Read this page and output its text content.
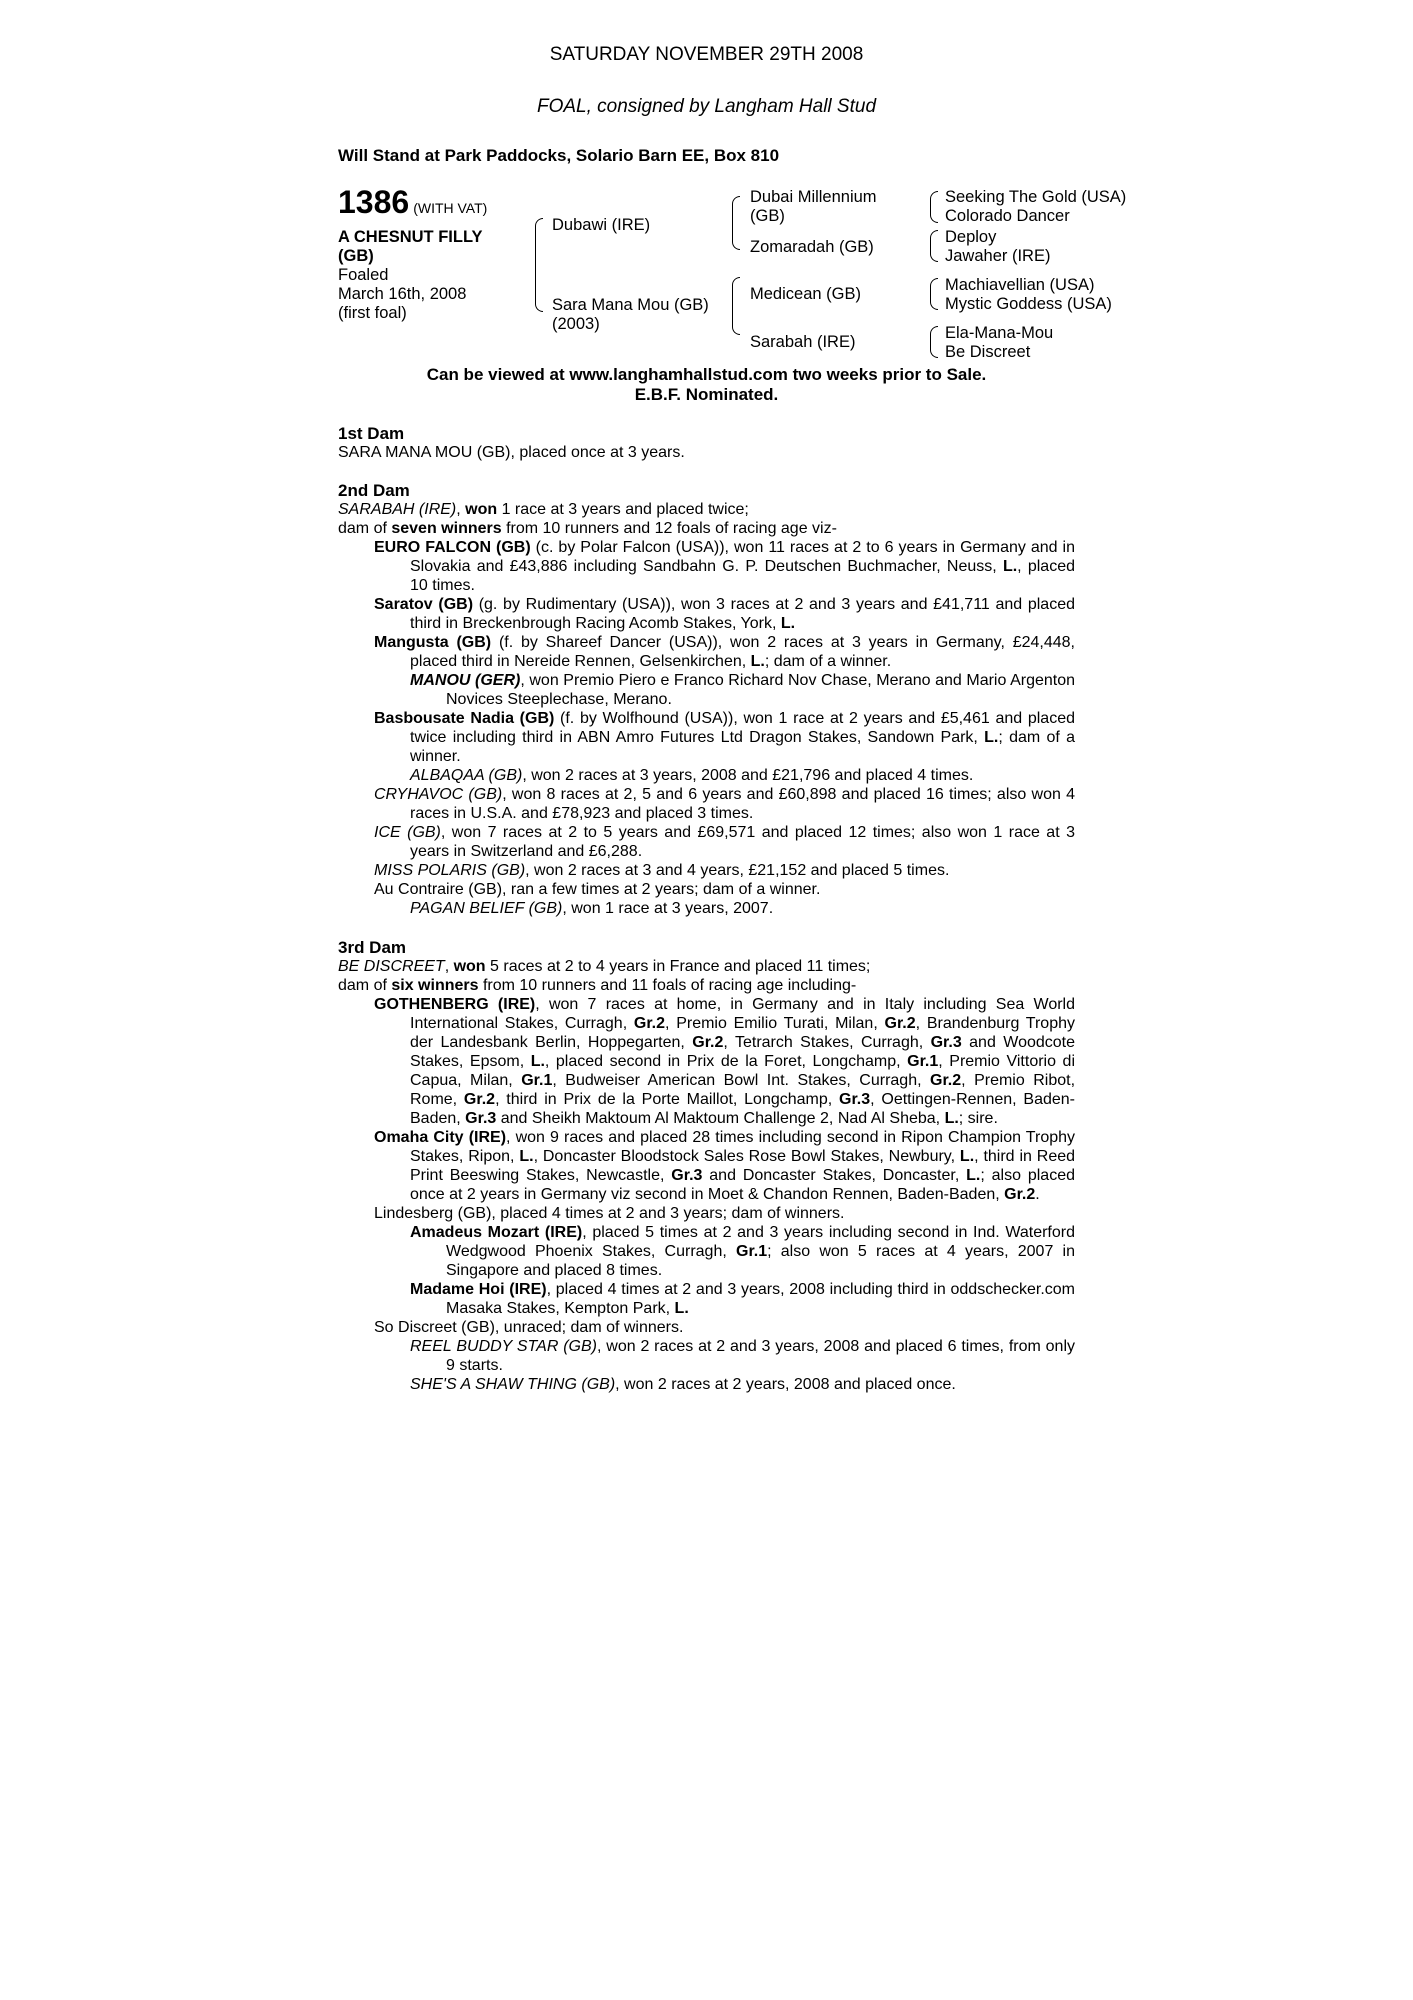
SATURDAY NOVEMBER 29TH 2008
FOAL, consigned by Langham Hall Stud
Will Stand at Park Paddocks, Solario Barn EE, Box 810
1386 (WITH VAT)
A CHESNUT FILLY
(GB)
Foaled
March 16th, 2008
(first foal)
Dubawi (IRE)
Sara Mana Mou (GB)
(2003)
Dubai Millennium
(GB)
Zomaradah (GB)
Medicean (GB)
Sarabah (IRE)
Seeking The Gold (USA)
Colorado Dancer
Deploy
Jawaher (IRE)
Machiavellian (USA)
Mystic Goddess (USA)
Ela-Mana-Mou
Be Discreet
Can be viewed at www.langhamhallstud.com two weeks prior to Sale.
E.B.F. Nominated.
1st Dam
SARA MANA MOU (GB), placed once at 3 years.
2nd Dam
SARABAH (IRE), won 1 race at 3 years and placed twice;
dam of seven winners from 10 runners and 12 foals of racing age viz-

EURO FALCON (GB) (c. by Polar Falcon (USA)), won 11 races at 2 to 6 years in Germany and in Slovakia and £43,886 including Sandbahn G. P. Deutschen Buchmacher, Neuss, L., placed 10 times.

Saratov (GB) (g. by Rudimentary (USA)), won 3 races at 2 and 3 years and £41,711 and placed third in Breckenbrough Racing Acomb Stakes, York, L.

Mangusta (GB) (f. by Shareef Dancer (USA)), won 2 races at 3 years in Germany, £24,448, placed third in Nereide Rennen, Gelsenkirchen, L.; dam of a winner.

MANOU (GER), won Premio Piero e Franco Richard Nov Chase, Merano and Mario Argenton Novices Steeplechase, Merano.

Basbousate Nadia (GB) (f. by Wolfhound (USA)), won 1 race at 2 years and £5,461 and placed twice including third in ABN Amro Futures Ltd Dragon Stakes, Sandown Park, L.; dam of a winner.

ALBAQAA (GB), won 2 races at 3 years, 2008 and £21,796 and placed 4 times.

CRYHAVOC (GB), won 8 races at 2, 5 and 6 years and £60,898 and placed 16 times; also won 4 races in U.S.A. and £78,923 and placed 3 times.

ICE (GB), won 7 races at 2 to 5 years and £69,571 and placed 12 times; also won 1 race at 3 years in Switzerland and £6,288.

MISS POLARIS (GB), won 2 races at 3 and 4 years, £21,152 and placed 5 times.

Au Contraire (GB), ran a few times at 2 years; dam of a winner.

PAGAN BELIEF (GB), won 1 race at 3 years, 2007.

3rd Dam
BE DISCREET, won 5 races at 2 to 4 years in France and placed 11 times;
dam of six winners from 10 runners and 11 foals of racing age including-

GOTHENBERG (IRE), won 7 races at home, in Germany and in Italy including Sea World International Stakes, Curragh, Gr.2, Premio Emilio Turati, Milan, Gr.2, Brandenburg Trophy der Landesbank Berlin, Hoppegarten, Gr.2, Tetrarch Stakes, Curragh, Gr.3 and Woodcote Stakes, Epsom, L., placed second in Prix de la Foret, Longchamp, Gr.1, Premio Vittorio di Capua, Milan, Gr.1, Budweiser American Bowl Int. Stakes, Curragh, Gr.2, Premio Ribot, Rome, Gr.2, third in Prix de la Porte Maillot, Longchamp, Gr.3, Oettingen-Rennen, Baden-Baden, Gr.3 and Sheikh Maktoum Al Maktoum Challenge 2, Nad Al Sheba, L.; sire.

Omaha City (IRE), won 9 races and placed 28 times including second in Ripon Champion Trophy Stakes, Ripon, L., Doncaster Bloodstock Sales Rose Bowl Stakes, Newbury, L., third in Reed Print Beeswing Stakes, Newcastle, Gr.3 and Doncaster Stakes, Doncaster, L.; also placed once at 2 years in Germany viz second in Moet & Chandon Rennen, Baden-Baden, Gr.2.

Lindesberg (GB), placed 4 times at 2 and 3 years; dam of winners.

Amadeus Mozart (IRE), placed 5 times at 2 and 3 years including second in Ind. Waterford Wedgwood Phoenix Stakes, Curragh, Gr.1; also won 5 races at 4 years, 2007 in Singapore and placed 8 times.

Madame Hoi (IRE), placed 4 times at 2 and 3 years, 2008 including third in oddschecker.com Masaka Stakes, Kempton Park, L.

So Discreet (GB), unraced; dam of winners.

REEL BUDDY STAR (GB), won 2 races at 2 and 3 years, 2008 and placed 6 times, from only 9 starts.

SHE'S A SHAW THING (GB), won 2 races at 2 years, 2008 and placed once.
